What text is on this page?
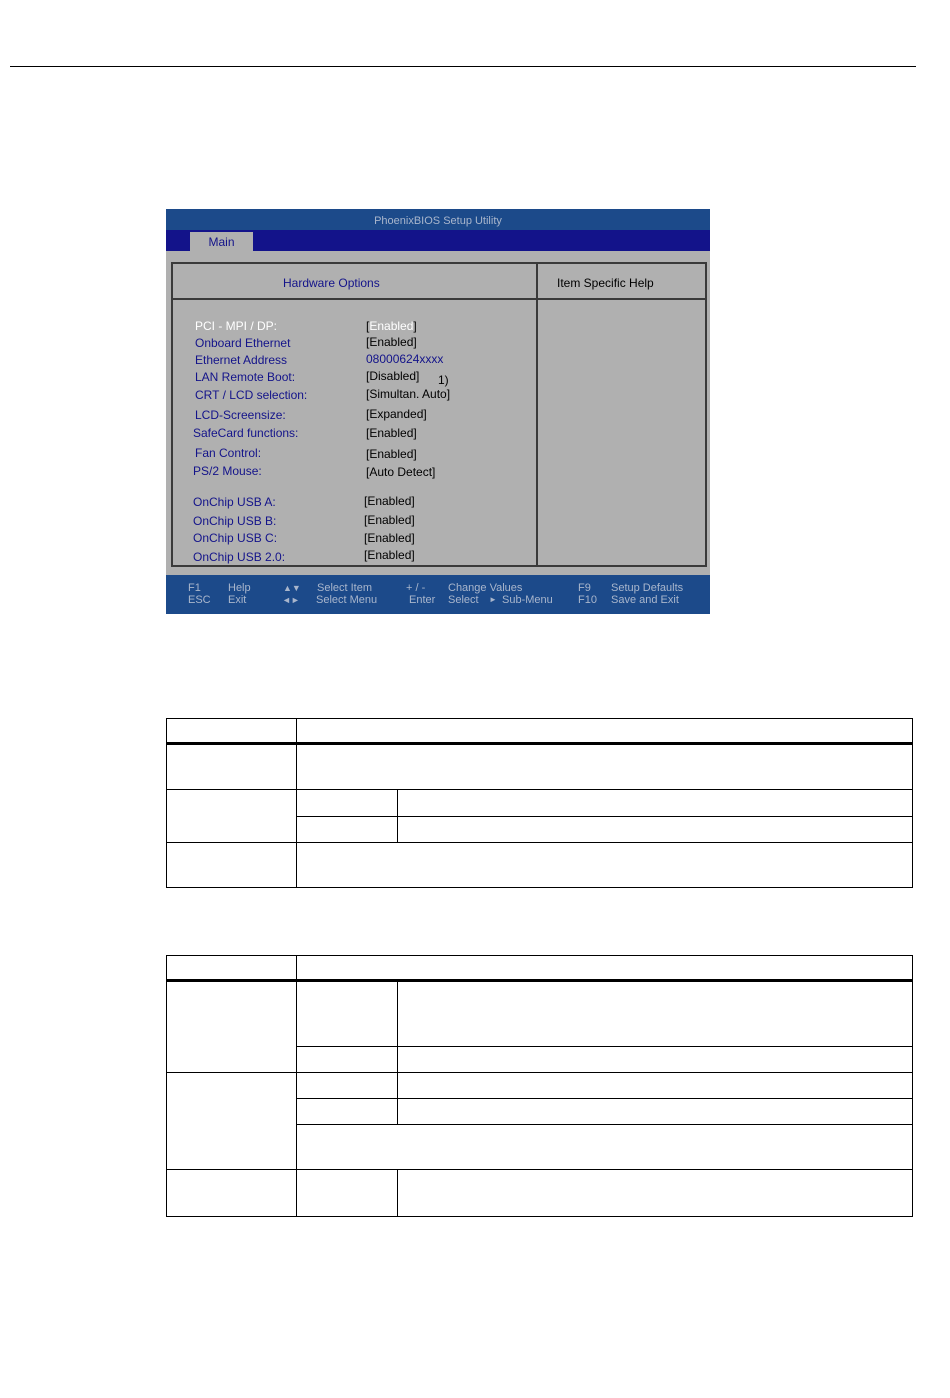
PhoenixBIOS Setup Utility
Main
Hardware Options	Item Specific Help
PCI - MPI / DP:	[Enabled]
1)
Onboard Ethernet	[Enabled]
Ethernet Address	08000624xxxx
LAN Remote Boot:	[Disabled]
CRT / LCD selection:	[Simultan. Auto]
LCD-Screensize:	[Expanded]
SafeCard functions:	[Enabled]
Fan Control:	[Enabled]
PS/2 Mouse:	[Auto Detect]
OnChip USB A:	[Enabled]
OnChip USB B:	[Enabled]
OnChip USB C:	[Enabled]
OnChip USB 2.0:	[Enabled]
F1 Help
ESC Exit
▲▼ Select Item
◄► Select Menu
+ / - Change Values
Enter Select ► Sub-Menu
F9 Setup Defaults
F10 Save and Exit
